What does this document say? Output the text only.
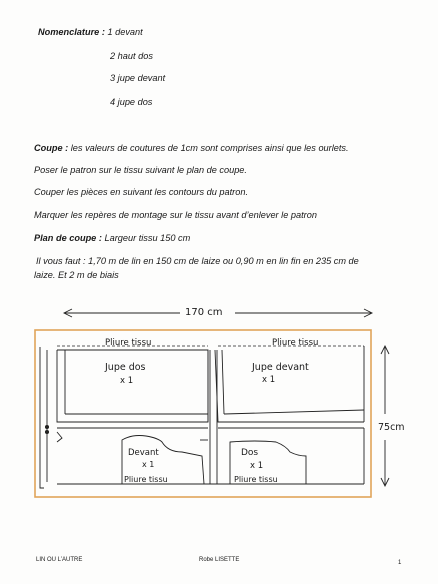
Nomenclature : 1 devant
2 haut dos
3 jupe devant
4 jupe dos
Coupe : les valeurs de coutures de 1cm sont comprises ainsi que les ourlets.
Poser le patron sur le tissu suivant le plan de coupe.
Couper les pièces en suivant les contours du patron.
Marquer les repères de montage sur le tissu avant d’enlever le patron
Plan de coupe : Largeur tissu 150 cm
Il vous faut : 1,70 m de lin en 150 cm de laize ou 0,90 m en lin fin en 235 cm de
laize. Et 2 m de biais
170 cm
75cm
Pliure tissu	Pliure tissu
Jupe dos
x 1
Jupe devant
x 1
Devant
x 1
Pliure tissu
Dos
x 1
Pliure tissu
LIN OU L’AUTRE	Robe LISETTE	1
